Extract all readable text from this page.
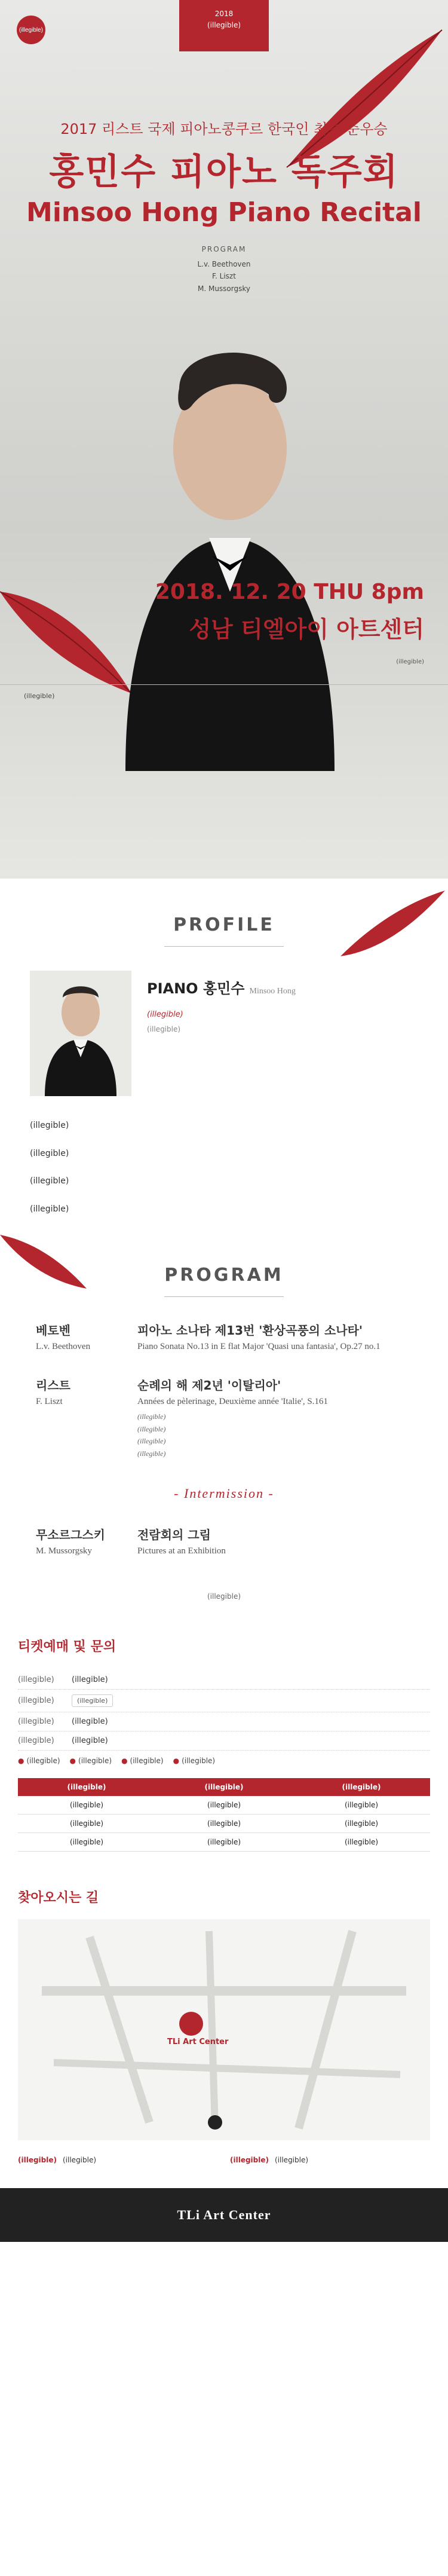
(illegible)
2018
(illegible)
2017 리스트 국제 피아노콩쿠르 한국인 최초 준우승
홍민수 피아노 독주회
Minsoo Hong Piano Recital
PROGRAM
L.v. Beethoven
F. Liszt
M. Mussorgsky
2018. 12. 20 THU 8pm
성남 티엘아이 아트센터
(illegible)
(illegible)
PROFILE
PIANO 홍민수 Minsoo Hong
(illegible)
(illegible)

(illegible)

(illegible)

(illegible)

(illegible)

PROGRAM
베토벤
L.v. Beethoven
피아노 소나타 제13번 '환상곡풍의 소나타'
Piano Sonata No.13 in E flat Major 'Quasi una fantasia', Op.27 no.1
리스트
F. Liszt
순례의 해 제2년 '이탈리아'
Années de pèlerinage, Deuxième année 'Italie', S.161
(illegible)
(illegible)
(illegible)
(illegible)
- Intermission -
무소르그스키
M. Mussorgsky
전람회의 그림
Pictures at an Exhibition
(illegible)
티켓예매 및 문의
(illegible)	(illegible)
(illegible)	(illegible)
(illegible)	(illegible)
(illegible)	(illegible)
● (illegible)	● (illegible)	● (illegible)	● (illegible)
(illegible)	(illegible)	(illegible)
(illegible)	(illegible)	(illegible)
(illegible)	(illegible)	(illegible)
(illegible)	(illegible)	(illegible)
찾아오시는 길
TLi Art Center
(illegible) (illegible)	(illegible) (illegible)
TLi Art Center
